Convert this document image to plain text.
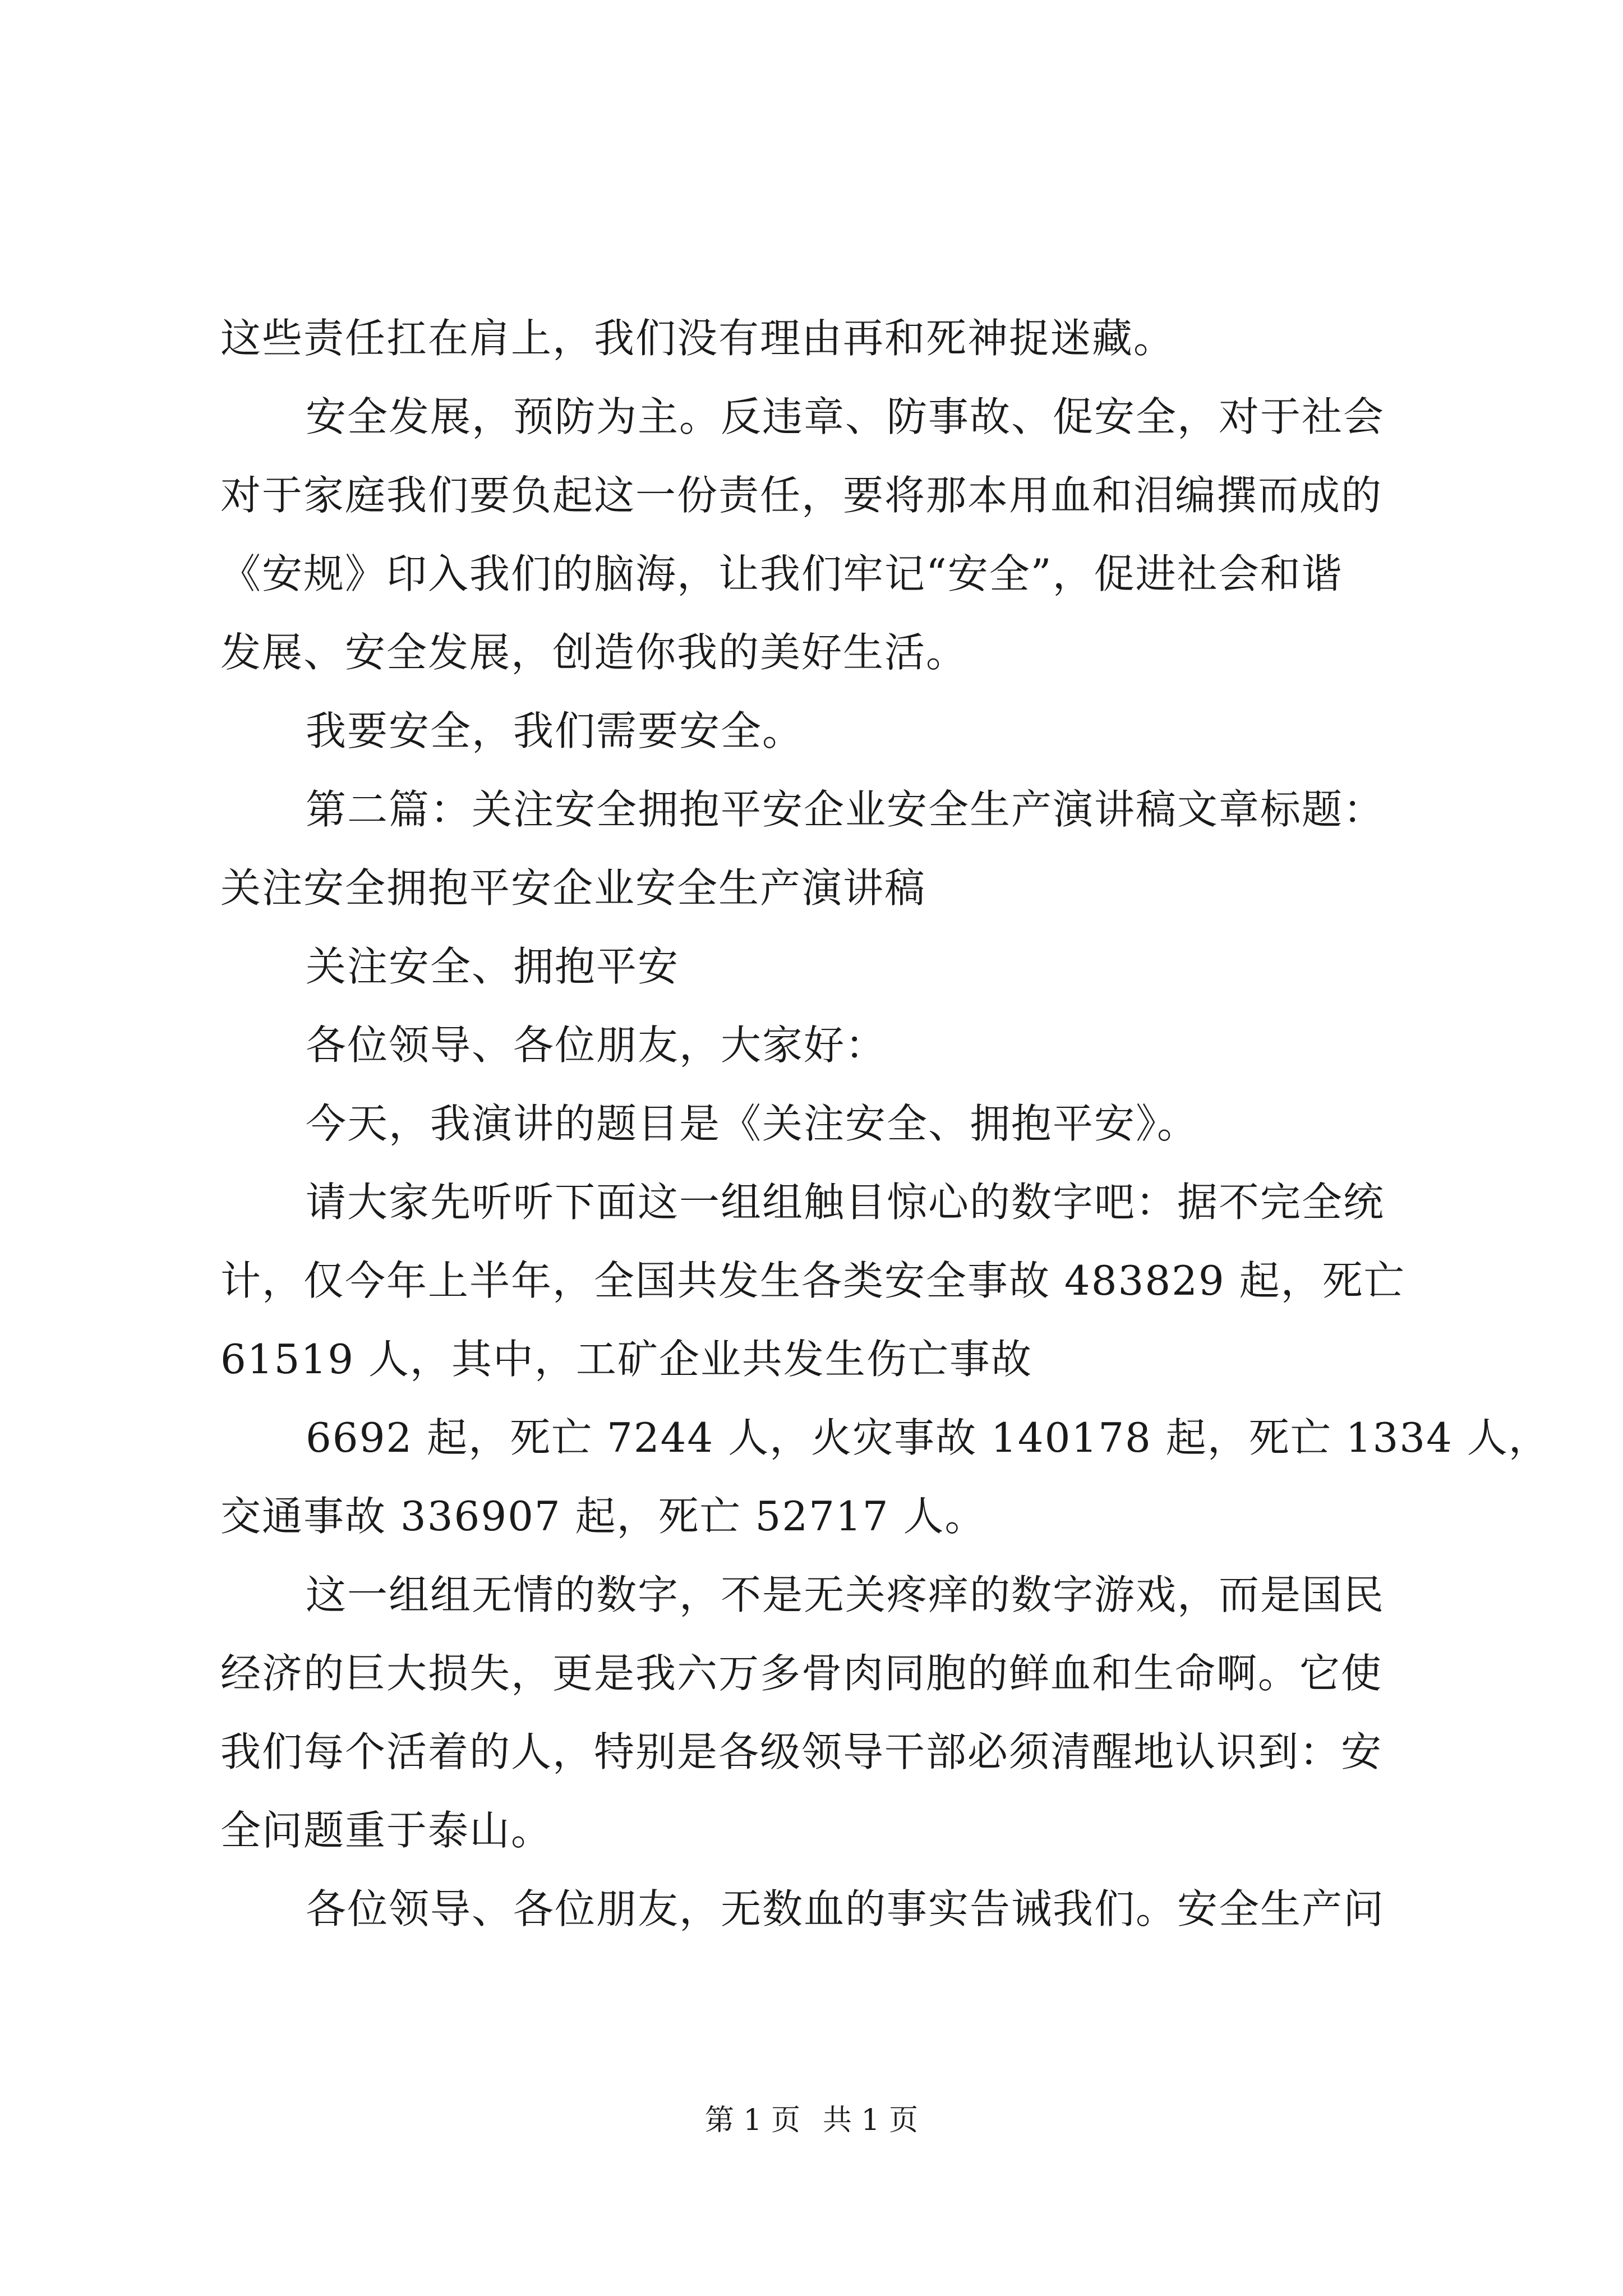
这些责任扛在肩上，我们没有理由再和死神捉迷藏。
安全发展，预防为主。反违章、防事故、促安全，对于社会
对于家庭我们要负起这一份责任，要将那本用血和泪编撰而成的
《安规》印入我们的脑海，让我们牢记“安全”，促进社会和谐
发展、安全发展，创造你我的美好生活。
我要安全，我们需要安全。
第二篇：关注安全拥抱平安企业安全生产演讲稿文章标题：
关注安全拥抱平安企业安全生产演讲稿
关注安全、拥抱平安
各位领导、各位朋友，大家好：
今天，我演讲的题目是《关注安全、拥抱平安》。
请大家先听听下面这一组组触目惊心的数字吧：据不完全统
计，仅今年上半年，全国共发生各类安全事故 483829 起，死亡
61519 人，其中，工矿企业共发生伤亡事故
6692 起，死亡 7244 人，火灾事故 140178 起，死亡 1334 人，
交通事故 336907 起，死亡 52717 人。
这一组组无情的数字，不是无关疼痒的数字游戏，而是国民
经济的巨大损失，更是我六万多骨肉同胞的鲜血和生命啊。它使
我们每个活着的人，特别是各级领导干部必须清醒地认识到：安
全问题重于泰山。
各位领导、各位朋友，无数血的事实告诫我们。安全生产问
第 1 页 共 1 页
